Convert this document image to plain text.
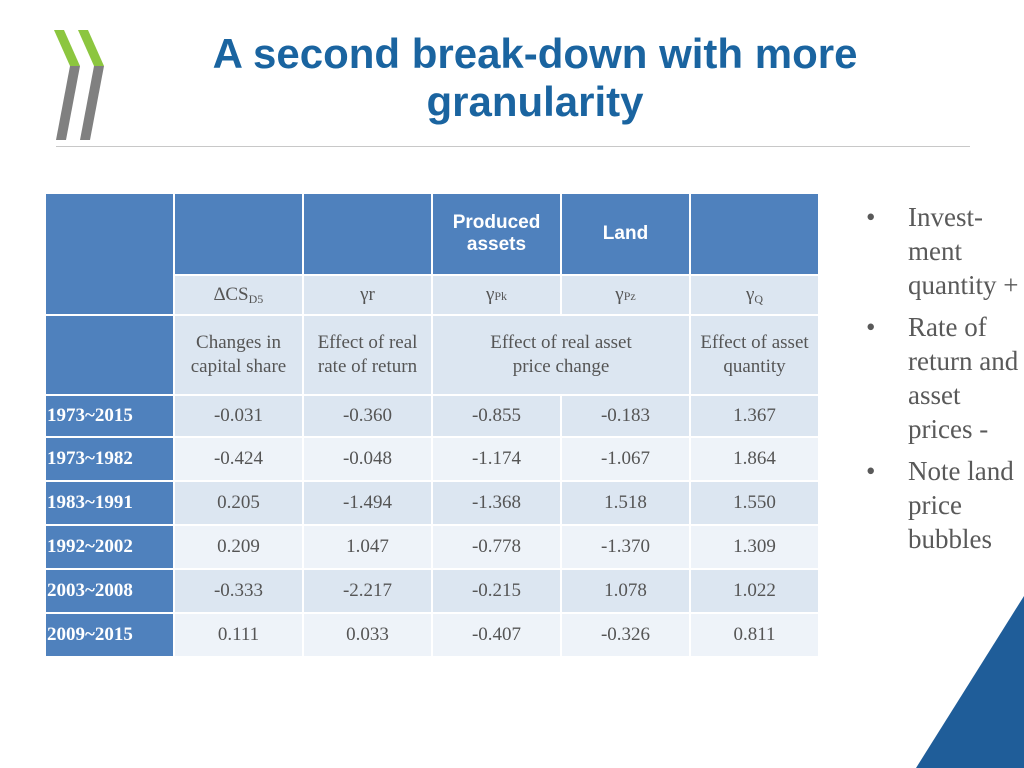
A second break-down with more
granularity
			Produced assets	Land	
	$\Delta CS_{D5}$	γr	γPk	γPz	$\gamma_Q$
	Changes in capital share	Effect of real rate of return	Effect of real asset price change		Effect of asset quantity
1973~2015	-0.031	-0.360	-0.855	-0.183	1.367
1973~1982	-0.424	-0.048	-1.174	-1.067	1.864
1983~1991	0.205	-1.494	-1.368	1.518	1.550
1992~2002	0.209	1.047	-0.778	-1.370	1.309
2003~2008	-0.333	-2.217	-0.215	1.078	1.022
2009~2015	0.111	0.033	-0.407	-0.326	0.811
•	Invest-ment quantity +
•	Rate of return and asset prices -
•	Note land price bubbles
